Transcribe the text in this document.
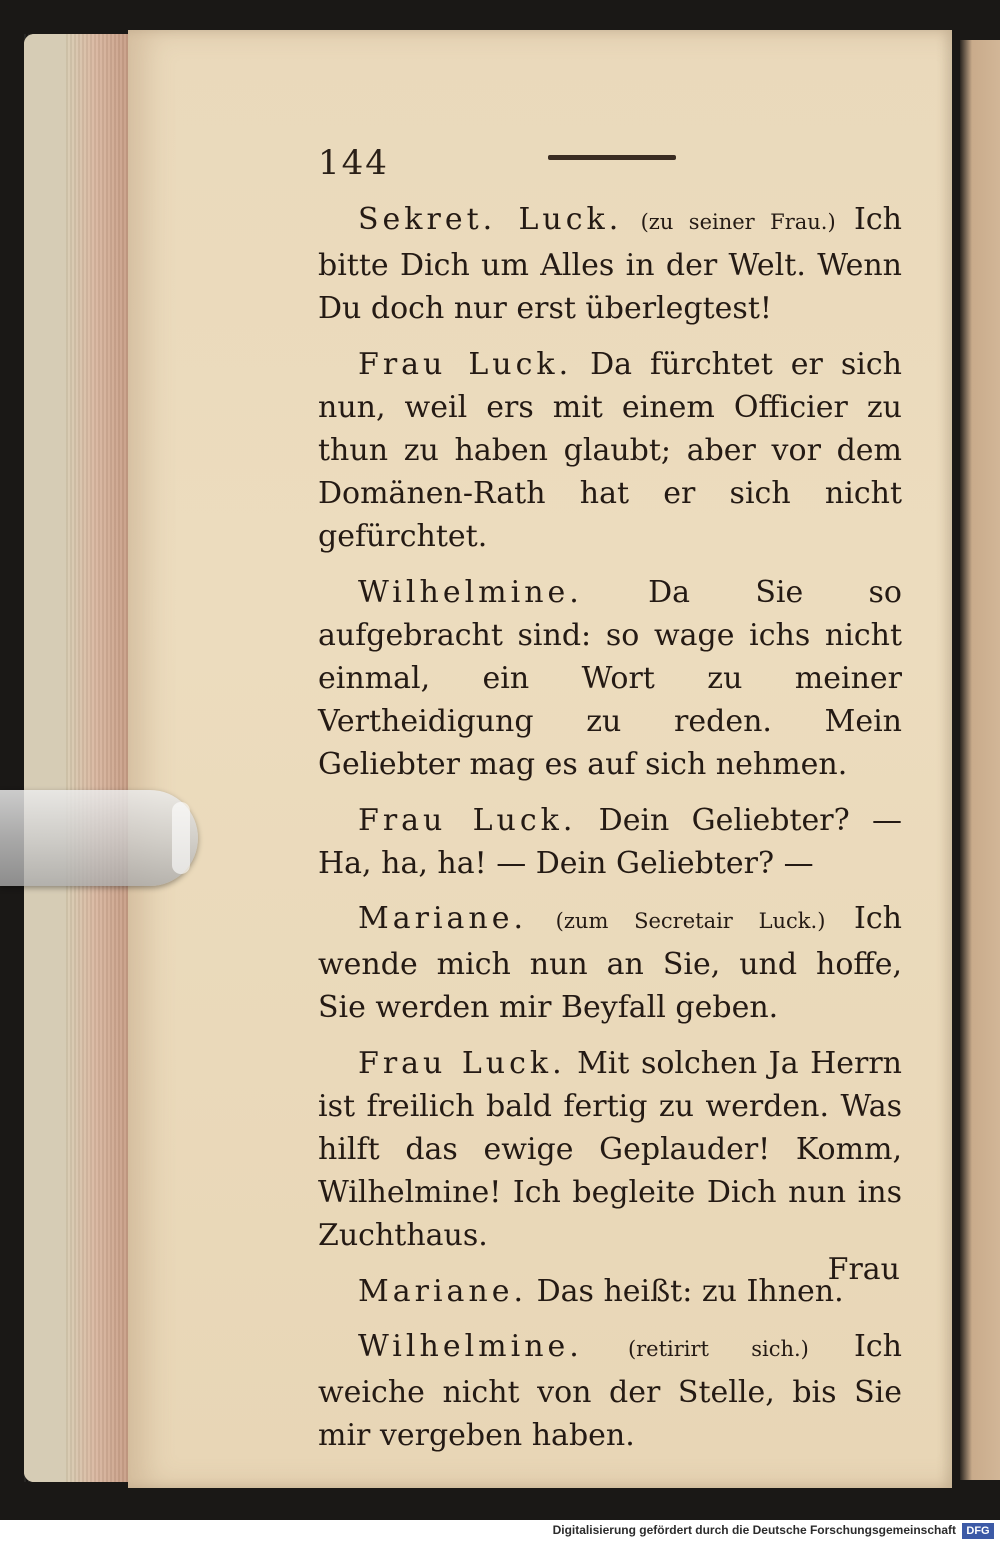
144

Sekret. Luck. (zu seiner Frau.) Ich bitte Dich um Alles in der Welt. Wenn Du doch nur erst überlegtest!

Frau Luck. Da fürchtet er sich nun, weil ers mit einem Officier zu thun zu haben glaubt; aber vor dem Domänen-Rath hat er sich nicht gefürchtet.

Wilhelmine. Da Sie so aufgebracht sind: so wage ichs nicht einmal, ein Wort zu meiner Vertheidigung zu reden. Mein Geliebter mag es auf sich nehmen.

Frau Luck. Dein Geliebter? — Ha, ha, ha! — Dein Geliebter? —

Mariane. (zum Secretair Luck.) Ich wende mich nun an Sie, und hoffe, Sie werden mir Beyfall geben.

Frau Luck. Mit solchen Ja Herrn ist freilich bald fertig zu werden. Was hilft das ewige Geplauder! Komm, Wilhelmine! Ich begleite Dich nun ins Zuchthaus.

Mariane. Das heißt: zu Ihnen.

Wilhelmine. (retirirt sich.) Ich weiche nicht von der Stelle, bis Sie mir vergeben haben.

Frau
Digitalisierung gefördert durch die Deutsche Forschungsgemeinschaft DFG
